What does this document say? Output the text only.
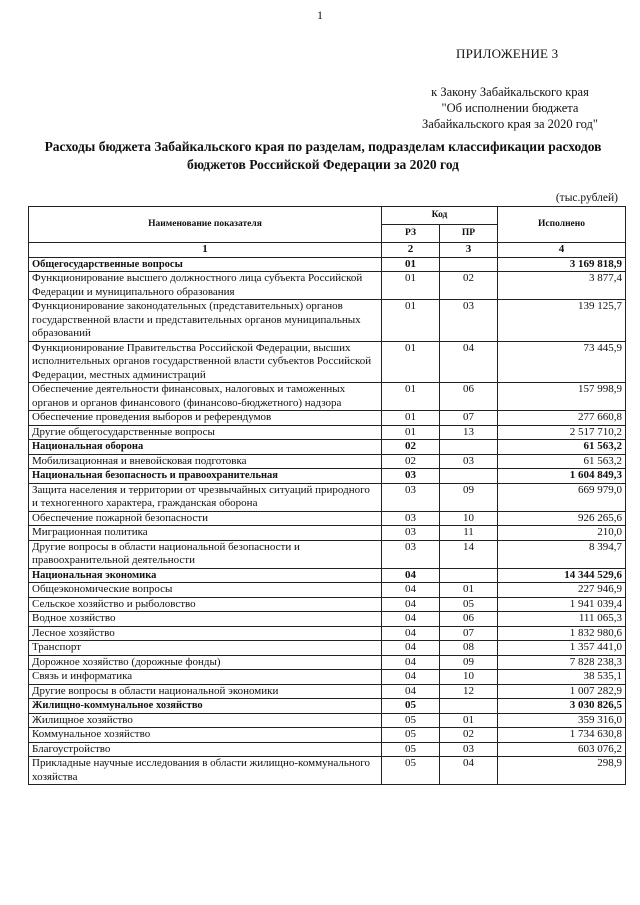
1
ПРИЛОЖЕНИЕ 3
к Закону Забайкальского края
"Об исполнении бюджета
Забайкальского края за 2020 год"
Расходы бюджета Забайкальского края по разделам, подразделам классификации расходов бюджетов Российской Федерации за 2020 год
(тыс.рублей)
Наименование показателя	Код		Исполнено
	РЗ	ПР	
1	2	3	4
Общегосударственные вопросы	01		3 169 818,9
Функционирование высшего должностного лица субъекта Российской Федерации и муниципального образования	01	02	3 877,4
Функционирование законодательных (представительных) органов государственной власти и представительных органов муниципальных образований	01	03	139 125,7
Функционирование Правительства Российской Федерации, высших исполнительных органов государственной власти субъектов Российской Федерации, местных администраций	01	04	73 445,9
Обеспечение деятельности финансовых, налоговых и таможенных органов и органов финансового (финансово-бюджетного) надзора	01	06	157 998,9
Обеспечение проведения выборов и референдумов	01	07	277 660,8
Другие общегосударственные вопросы	01	13	2 517 710,2
Национальная оборона	02		61 563,2
Мобилизационная и вневойсковая подготовка	02	03	61 563,2
Национальная безопасность и правоохранительная	03		1 604 849,3
Защита населения и территории от чрезвычайных ситуаций природного и техногенного характера, гражданская оборона	03	09	669 979,0
Обеспечение пожарной безопасности	03	10	926 265,6
Миграционная политика	03	11	210,0
Другие вопросы в области национальной безопасности и правоохранительной деятельности	03	14	8 394,7
Национальная экономика	04		14 344 529,6
Общеэкономические вопросы	04	01	227 946,9
Сельское хозяйство и рыболовство	04	05	1 941 039,4
Водное хозяйство	04	06	111 065,3
Лесное хозяйство	04	07	1 832 980,6
Транспорт	04	08	1 357 441,0
Дорожное хозяйство (дорожные фонды)	04	09	7 828 238,3
Связь и информатика	04	10	38 535,1
Другие вопросы в области национальной экономики	04	12	1 007 282,9
Жилищно-коммунальное хозяйство	05		3 030 826,5
Жилищное хозяйство	05	01	359 316,0
Коммунальное хозяйство	05	02	1 734 630,8
Благоустройство	05	03	603 076,2
Прикладные научные исследования в области жилищно-коммунального хозяйства	05	04	298,9
